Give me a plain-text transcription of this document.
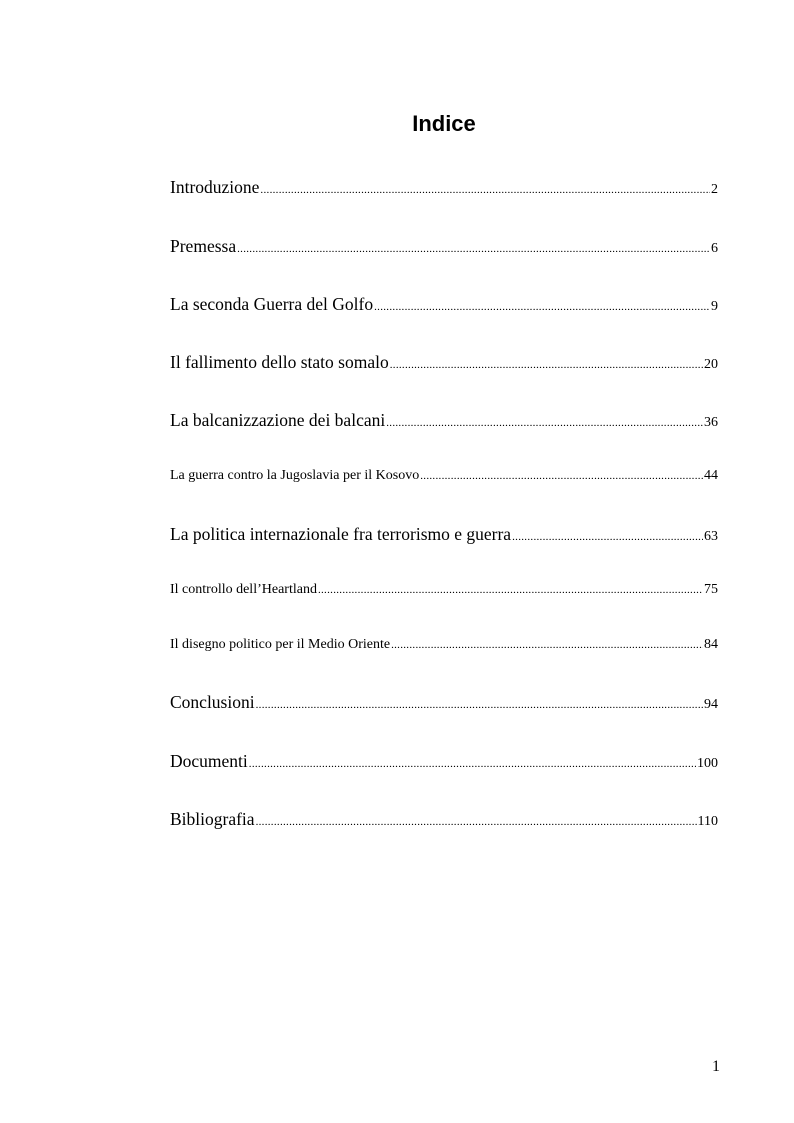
Indice
Introduzione .....	2
Premessa .....	6
La seconda Guerra del Golfo .....	9
Il fallimento dello stato somalo .....	20
La balcanizzazione dei balcani .....	36
La guerra contro la Jugoslavia per il Kosovo .....	44
La politica internazionale fra terrorismo e guerra .....	63
Il controllo dell’Heartland .....	75
Il disegno politico per il Medio Oriente .....	84
Conclusioni .....	94
Documenti .....	100
Bibliografia .....	110
1
